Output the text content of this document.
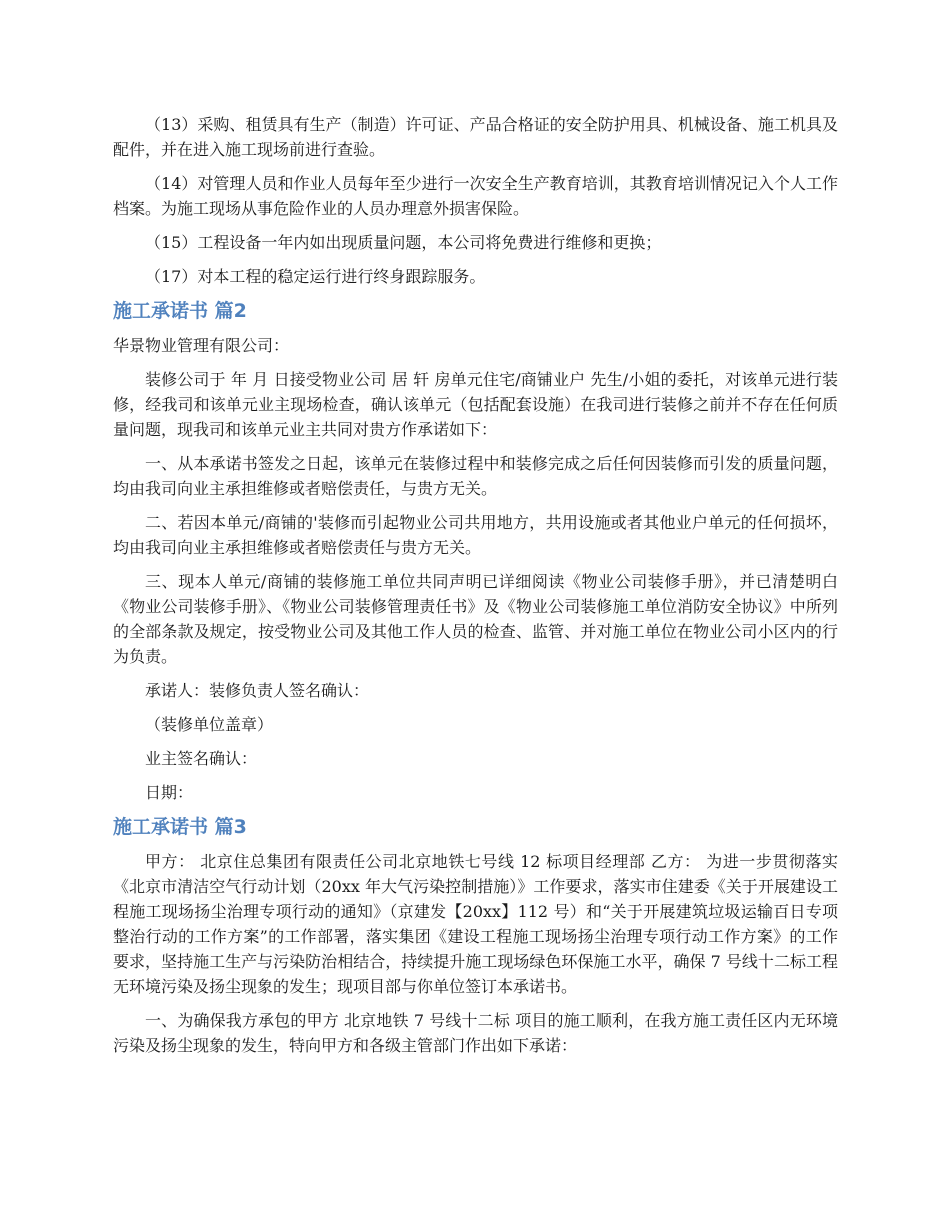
（13）采购、租赁具有生产（制造）许可证、产品合格证的安全防护用具、机械设备、施工机具及配件，并在进入施工现场前进行查验。

（14）对管理人员和作业人员每年至少进行一次安全生产教育培训，其教育培训情况记入个人工作档案。为施工现场从事危险作业的人员办理意外损害保险。

（15）工程设备一年内如出现质量问题，本公司将免费进行维修和更换；

（17）对本工程的稳定运行进行终身跟踪服务。

施工承诺书 篇2

华景物业管理有限公司：

装修公司于 年 月 日接受物业公司 居 轩 房单元住宅/商铺业户 先生/小姐的委托，对该单元进行装修，经我司和该单元业主现场检查，确认该单元（包括配套设施）在我司进行装修之前并不存在任何质量问题，现我司和该单元业主共同对贵方作承诺如下：

一、从本承诺书签发之日起，该单元在装修过程中和装修完成之后任何因装修而引发的质量问题，均由我司向业主承担维修或者赔偿责任，与贵方无关。

二、若因本单元/商铺的'装修而引起物业公司共用地方，共用设施或者其他业户单元的任何损坏，均由我司向业主承担维修或者赔偿责任与贵方无关。

三、现本人单元/商铺的装修施工单位共同声明已详细阅读《物业公司装修手册》，并已清楚明白《物业公司装修手册》、《物业公司装修管理责任书》及《物业公司装修施工单位消防安全协议》中所列的全部条款及规定，按受物业公司及其他工作人员的检查、监管、并对施工单位在物业公司小区内的行为负责。

承诺人：装修负责人签名确认：

（装修单位盖章）

业主签名确认：

日期：

施工承诺书 篇3

甲方： 北京住总集团有限责任公司北京地铁七号线 12 标项目经理部 乙方： 为进一步贯彻落实《北京市清洁空气行动计划（20xx 年大气污染控制措施）》工作要求，落实市住建委《关于开展建设工程施工现场扬尘治理专项行动的通知》（京建发【20xx】112 号）和“关于开展建筑垃圾运输百日专项整治行动的工作方案”的工作部署，落实集团《建设工程施工现场扬尘治理专项行动工作方案》的工作要求，坚持施工生产与污染防治相结合，持续提升施工现场绿色环保施工水平，确保 7 号线十二标工程无环境污染及扬尘现象的发生；现项目部与你单位签订本承诺书。

一、为确保我方承包的甲方 北京地铁 7 号线十二标 项目的施工顺利，在我方施工责任区内无环境污染及扬尘现象的发生，特向甲方和各级主管部门作出如下承诺：
